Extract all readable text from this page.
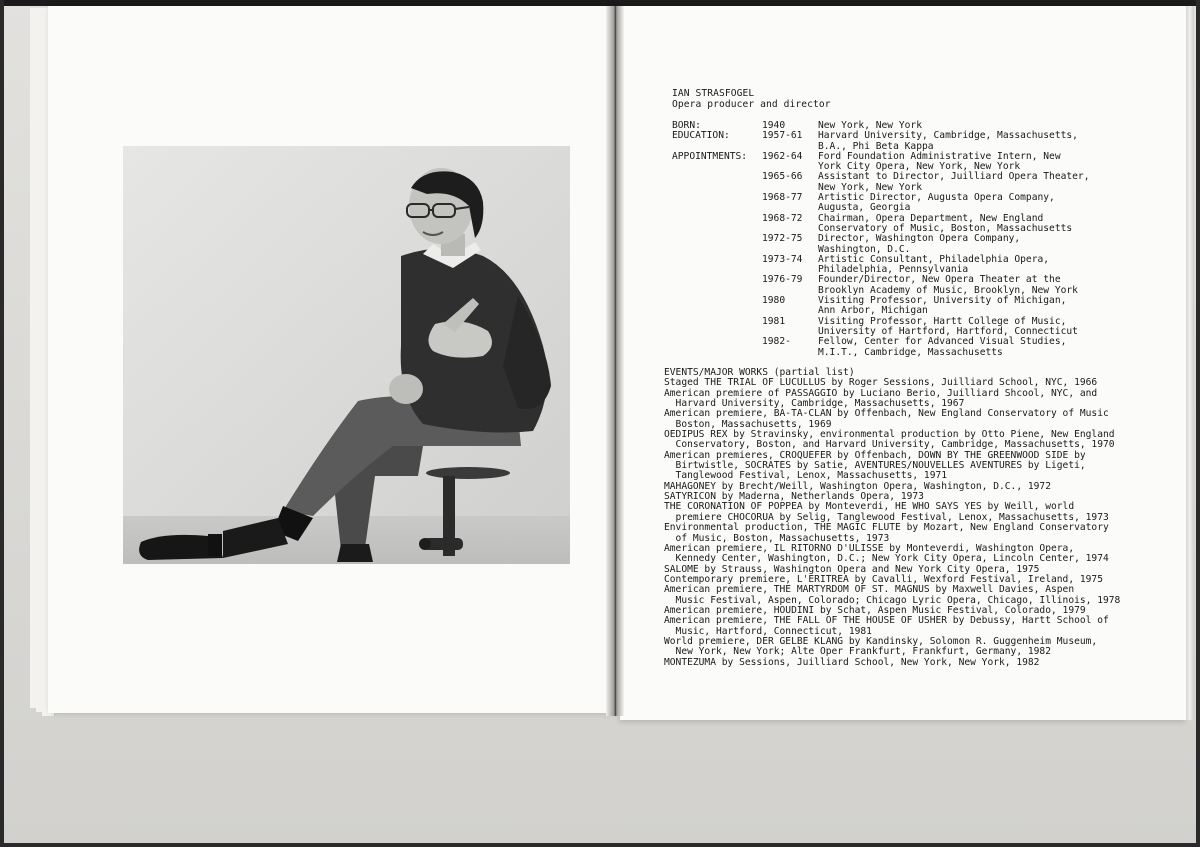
IAN STRASFOGEL
Opera producer and director
BORN:	1940	New York, New York
EDUCATION:	1957-61	Harvard University, Cambridge, Massachusetts,
B.A., Phi Beta Kappa
APPOINTMENTS:	1962-64	Ford Foundation Administrative Intern, New
York City Opera, New York, New York
1965-66	Assistant to Director, Juilliard Opera Theater,
New York, New York
1968-77	Artistic Director, Augusta Opera Company,
Augusta, Georgia
1968-72	Chairman, Opera Department, New England
Conservatory of Music, Boston, Massachusetts
1972-75	Director, Washington Opera Company,
Washington, D.C.
1973-74	Artistic Consultant, Philadelphia Opera,
Philadelphia, Pennsylvania
1976-79	Founder/Director, New Opera Theater at the
Brooklyn Academy of Music, Brooklyn, New York
1980	Visiting Professor, University of Michigan,
Ann Arbor, Michigan
1981	Visiting Professor, Hartt College of Music,
University of Hartford, Hartford, Connecticut
1982-	Fellow, Center for Advanced Visual Studies,
M.I.T., Cambridge, Massachusetts
EVENTS/MAJOR WORKS (partial list)
Staged THE TRIAL OF LUCULLUS by Roger Sessions, Juilliard School, NYC, 1966
American premiere of PASSAGGIO by Luciano Berio, Juilliard Shcool, NYC, and
Harvard University, Cambridge, Massachusetts, 1967
American premiere, BA-TA-CLAN by Offenbach, New England Conservatory of Music
Boston, Massachusetts, 1969
OEDIPUS REX by Stravinsky, environmental production by Otto Piene, New England
Conservatory, Boston, and Harvard University, Cambridge, Massachusetts, 1970
American premieres, CROQUEFER by Offenbach, DOWN BY THE GREENWOOD SIDE by
Birtwistle, SOCRATES by Satie, AVENTURES/NOUVELLES AVENTURES by Ligeti,
Tanglewood Festival, Lenox, Massachusetts, 1971
MAHAGONEY by Brecht/Weill, Washington Opera, Washington, D.C., 1972
SATYRICON by Maderna, Netherlands Opera, 1973
THE CORONATION OF POPPEA by Monteverdi, HE WHO SAYS YES by Weill, world
premiere CHOCORUA by Selig, Tanglewood Festival, Lenox, Massachusetts, 1973
Environmental production, THE MAGIC FLUTE by Mozart, New England Conservatory
of Music, Boston, Massachusetts, 1973
American premiere, IL RITORNO D'ULISSE by Monteverdi, Washington Opera,
Kennedy Center, Washington, D.C.; New York City Opera, Lincoln Center, 1974
SALOME by Strauss, Washington Opera and New York City Opera, 1975
Contemporary premiere, L'ERITREA by Cavalli, Wexford Festival, Ireland, 1975
American premiere, THE MARTYRDOM OF ST. MAGNUS by Maxwell Davies, Aspen
Music Festival, Aspen, Colorado; Chicago Lyric Opera, Chicago, Illinois, 1978
American premiere, HOUDINI by Schat, Aspen Music Festival, Colorado, 1979
American premiere, THE FALL OF THE HOUSE OF USHER by Debussy, Hartt School of
Music, Hartford, Connecticut, 1981
World premiere, DER GELBE KLANG by Kandinsky, Solomon R. Guggenheim Museum,
New York, New York; Alte Oper Frankfurt, Frankfurt, Germany, 1982
MONTEZUMA by Sessions, Juilliard School, New York, New York, 1982
